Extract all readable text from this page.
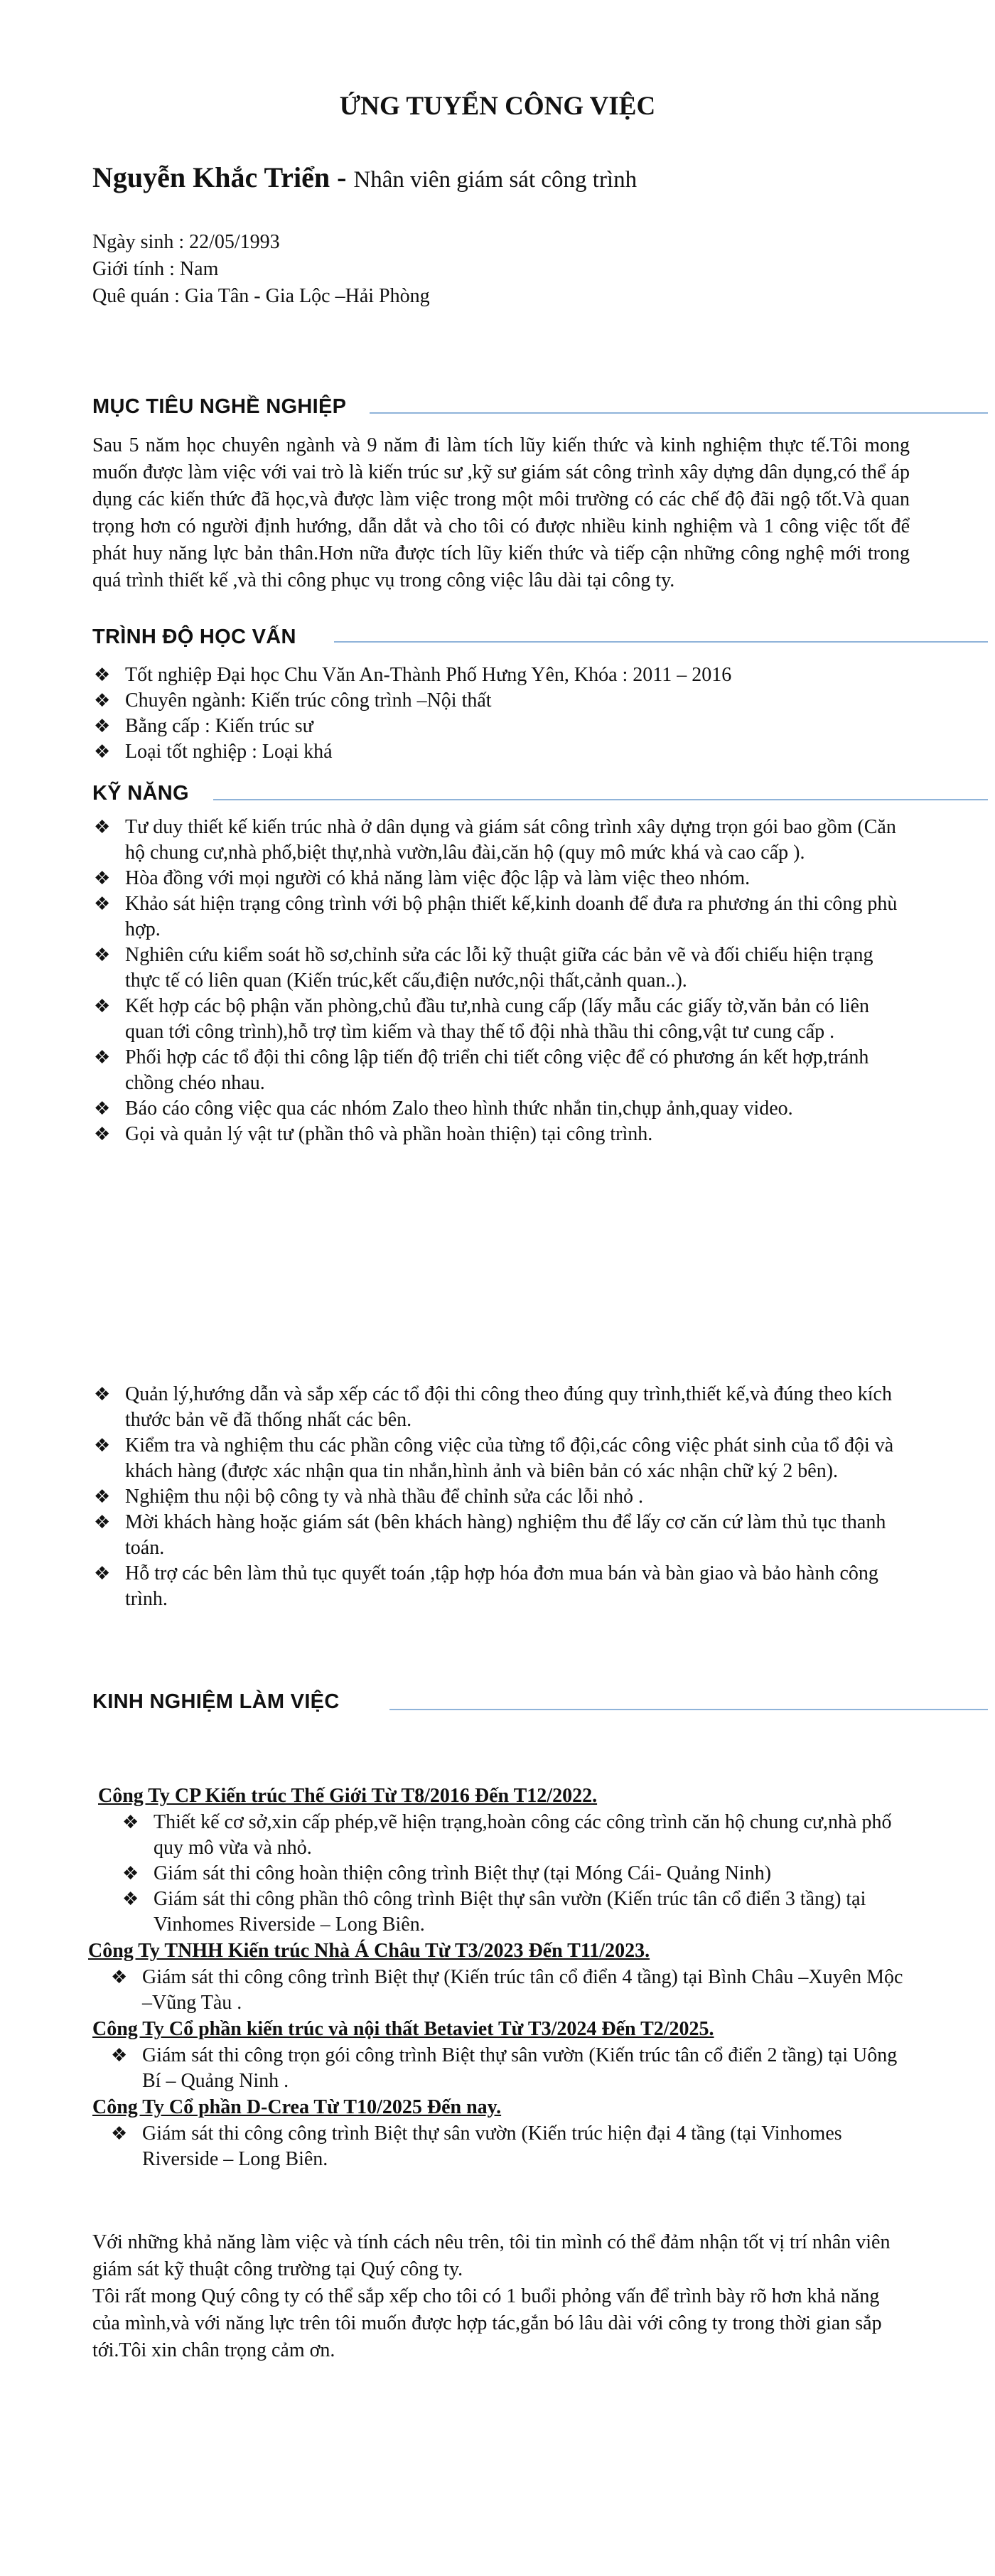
ỨNG TUYỂN CÔNG VIỆC
Nguyễn Khắc Triển - Nhân viên giám sát công trình
Ngày sinh : 22/05/1993
Giới tính : Nam
Quê quán : Gia Tân - Gia Lộc –Hải Phòng
MỤC TIÊU NGHỀ NGHIỆP
Sau 5 năm học chuyên ngành và 9 năm đi làm tích lũy kiến thức và kinh nghiệm thực tế.Tôi mong muốn được làm việc với vai trò là kiến trúc sư ,kỹ sư giám sát công trình xây dựng dân dụng,có thể áp dụng các kiến thức đã học,và được làm việc trong một môi trường có các chế độ đãi ngộ tốt.Và quan trọng hơn có người định hướng, dẫn dắt và cho tôi có được nhiều kinh nghiệm và 1 công việc tốt để phát huy năng lực bản thân.Hơn nữa được tích lũy kiến thức và tiếp cận những công nghệ mới trong quá trình thiết kế ,và thi công phục vụ trong công việc lâu dài tại công ty.
TRÌNH ĐỘ HỌC VẤN
❖ Tốt nghiệp Đại học Chu Văn An-Thành Phố Hưng Yên, Khóa : 2011 – 2016
❖ Chuyên ngành: Kiến trúc công trình –Nội thất
❖ Bằng cấp : Kiến trúc sư
❖ Loại tốt nghiệp : Loại khá
KỸ NĂNG
❖ Tư duy thiết kế kiến trúc nhà ở dân dụng và giám sát công trình xây dựng trọn gói bao gồm (Căn hộ chung cư,nhà phố,biệt thự,nhà vườn,lâu đài,căn hộ (quy mô mức khá và cao cấp ).
❖ Hòa đồng với mọi người có khả năng làm việc độc lập và làm việc theo nhóm.
❖ Khảo sát hiện trạng công trình với bộ phận thiết kế,kinh doanh để đưa ra phương án thi công phù hợp.
❖ Nghiên cứu kiểm soát hồ sơ,chỉnh sửa các lỗi kỹ thuật giữa các bản vẽ và đối chiếu hiện trạng thực tế có liên quan (Kiến trúc,kết cấu,điện nước,nội thất,cảnh quan..).
❖ Kết hợp các bộ phận văn phòng,chủ đầu tư,nhà cung cấp (lấy mẫu các giấy tờ,văn bản có liên quan tới công trình),hỗ trợ tìm kiếm và thay thế tổ đội nhà thầu thi công,vật tư cung cấp .
❖ Phối hợp các tổ đội thi công lập tiến độ triển chi tiết công việc để có phương án kết hợp,tránh chồng chéo nhau.
❖ Báo cáo công việc qua các nhóm Zalo theo hình thức nhắn tin,chụp ảnh,quay video.
❖ Gọi và quản lý vật tư (phần thô và phần hoàn thiện) tại công trình.
❖ Quản lý,hướng dẫn và sắp xếp các tổ đội thi công theo đúng quy trình,thiết kế,và đúng theo kích thước bản vẽ đã thống nhất các bên.
❖ Kiểm tra và nghiệm thu các phần công việc của từng tổ đội,các công việc phát sinh của tổ đội và khách hàng (được xác nhận qua tin nhắn,hình ảnh và biên bản có xác nhận chữ ký 2 bên).
❖ Nghiệm thu nội bộ công ty và nhà thầu để chỉnh sửa các lỗi nhỏ .
❖ Mời khách hàng hoặc giám sát (bên khách hàng) nghiệm thu để lấy cơ căn cứ làm thủ tục thanh toán.
❖ Hỗ trợ các bên làm thủ tục quyết toán ,tập hợp hóa đơn mua bán và bàn giao và bảo hành công trình.
KINH NGHIỆM LÀM VIỆC
Công Ty CP Kiến trúc Thế Giới Từ T8/2016 Đến T12/2022.
❖ Thiết kế cơ sở,xin cấp phép,vẽ hiện trạng,hoàn công các công trình căn hộ chung cư,nhà phố quy mô vừa và nhỏ.
❖ Giám sát thi công hoàn thiện công trình Biệt thự (tại Móng Cái- Quảng Ninh)
❖ Giám sát thi công phần thô công trình Biệt thự sân vườn (Kiến trúc tân cổ điển 3 tầng) tại Vinhomes Riverside – Long Biên.
Công Ty TNHH Kiến trúc Nhà Á Châu Từ T3/2023 Đến T11/2023.
❖ Giám sát thi công công trình Biệt thự (Kiến trúc tân cổ điển 4 tầng) tại Bình Châu –Xuyên Mộc –Vũng Tàu .
Công Ty Cổ phần kiến trúc và nội thất Betaviet Từ T3/2024 Đến T2/2025.
❖ Giám sát thi công trọn gói công trình Biệt thự sân vườn (Kiến trúc tân cổ điển 2 tầng) tại Uông Bí – Quảng Ninh .
Công Ty Cổ phần D-Crea Từ T10/2025 Đến nay.
❖ Giám sát thi công công trình Biệt thự sân vườn (Kiến trúc hiện đại 4 tầng (tại Vinhomes Riverside – Long Biên.
Với những khả năng làm việc và tính cách nêu trên, tôi tin mình có thể đảm nhận tốt vị trí nhân viên giám sát kỹ thuật công trường tại Quý công ty.
Tôi rất mong Quý công ty có thể sắp xếp cho tôi có 1 buổi phỏng vấn để trình bày rõ hơn khả năng của mình,và với năng lực trên tôi muốn được hợp tác,gắn bó lâu dài với công ty trong thời gian sắp tới.Tôi xin chân trọng cảm ơn.
